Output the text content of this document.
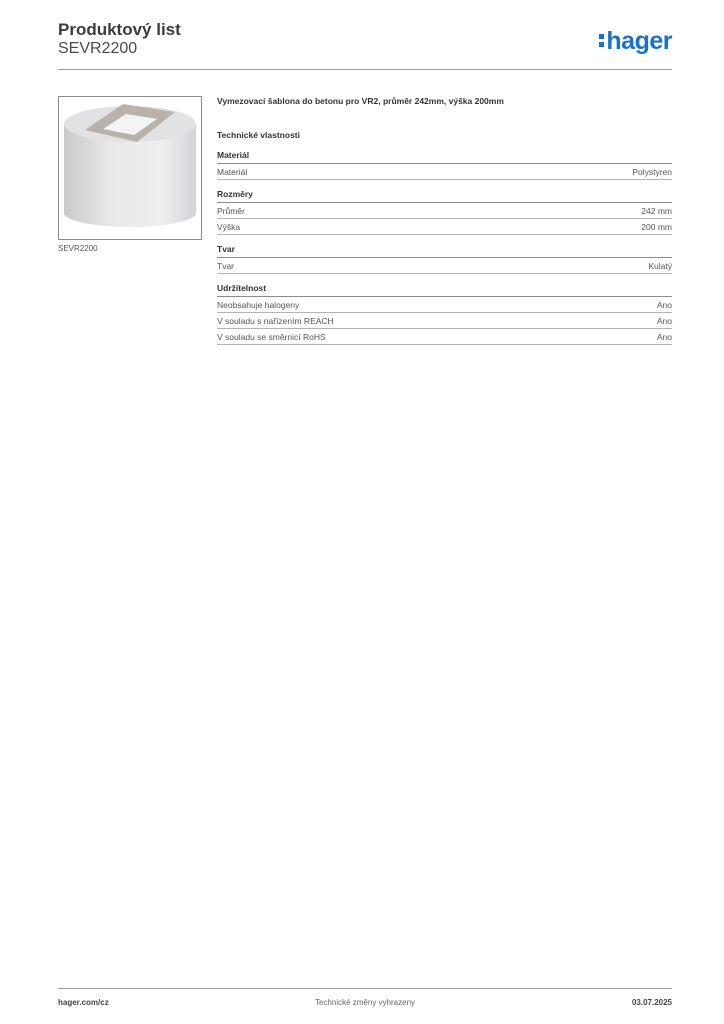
Produktový list
SEVR2200	hager
SEVR2200
Vymezovací šablona do betonu pro VR2, průměr 242mm, výška 200mm
Technické vlastnosti
Materiál
Materiál	Polystyren
Rozměry
Průměr	242 mm
Výška	200 mm
Tvar
Tvar	Kulatý
Udržitelnost
Neobsahuje halogeny	Ano
V souladu s nařízením REACH	Ano
V souladu se směrnicí RoHS	Ano
hager.com/cz	Technické změny vyhrazeny	03.07.2025
